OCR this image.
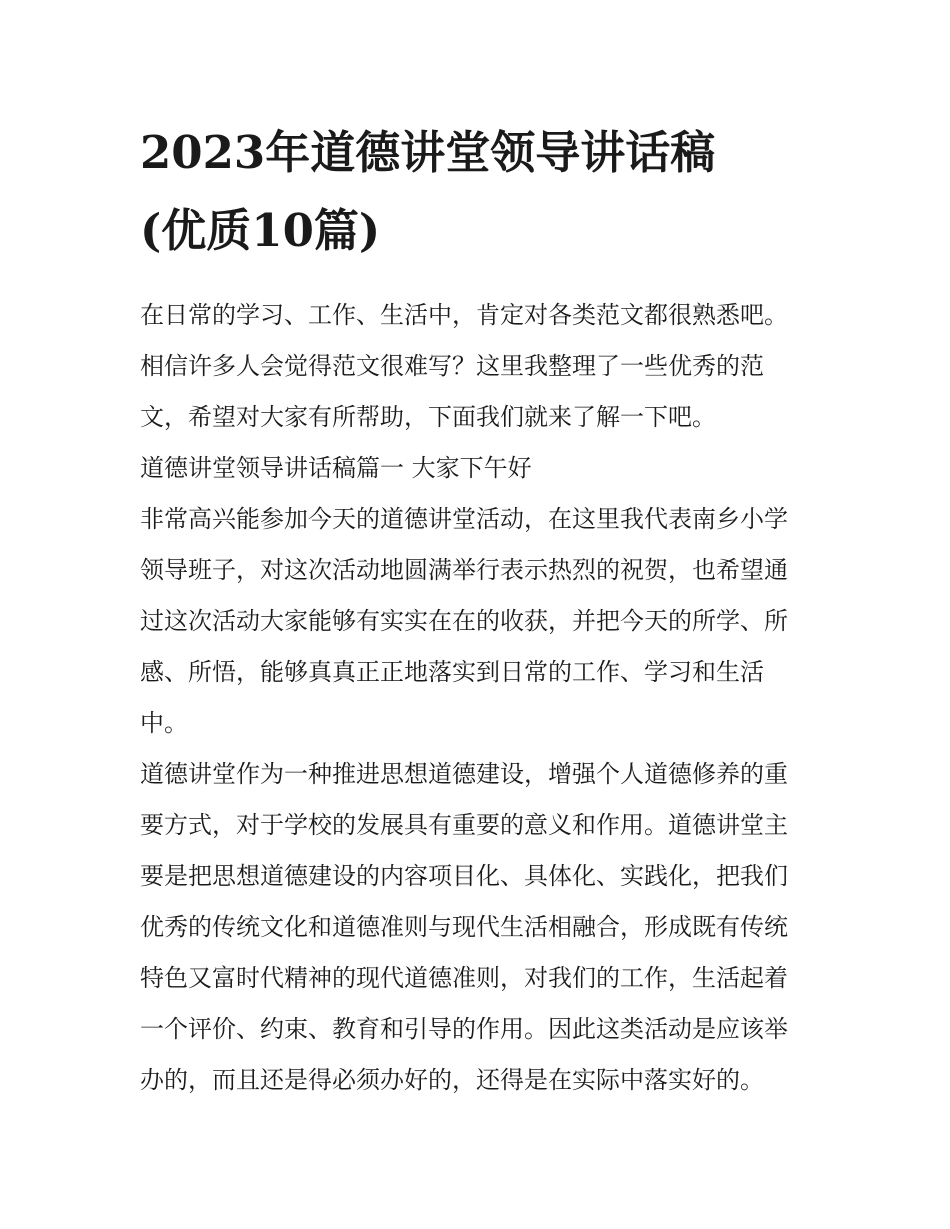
2023年道德讲堂领导讲话稿
(优质10篇)
在日常的学习、工作、生活中，肯定对各类范文都很熟悉吧。
相信许多人会觉得范文很难写？这里我整理了一些优秀的范
文，希望对大家有所帮助，下面我们就来了解一下吧。
道德讲堂领导讲话稿篇一 大家下午好
非常高兴能参加今天的道德讲堂活动，在这里我代表南乡小学
领导班子，对这次活动地圆满举行表示热烈的祝贺，也希望通
过这次活动大家能够有实实在在的收获，并把今天的所学、所
感、所悟，能够真真正正地落实到日常的工作、学习和生活
中。
道德讲堂作为一种推进思想道德建设，增强个人道德修养的重
要方式，对于学校的发展具有重要的意义和作用。道德讲堂主
要是把思想道德建设的内容项目化、具体化、实践化，把我们
优秀的传统文化和道德准则与现代生活相融合，形成既有传统
特色又富时代精神的现代道德准则，对我们的工作，生活起着
一个评价、约束、教育和引导的作用。因此这类活动是应该举
办的，而且还是得必须办好的，还得是在实际中落实好的。
